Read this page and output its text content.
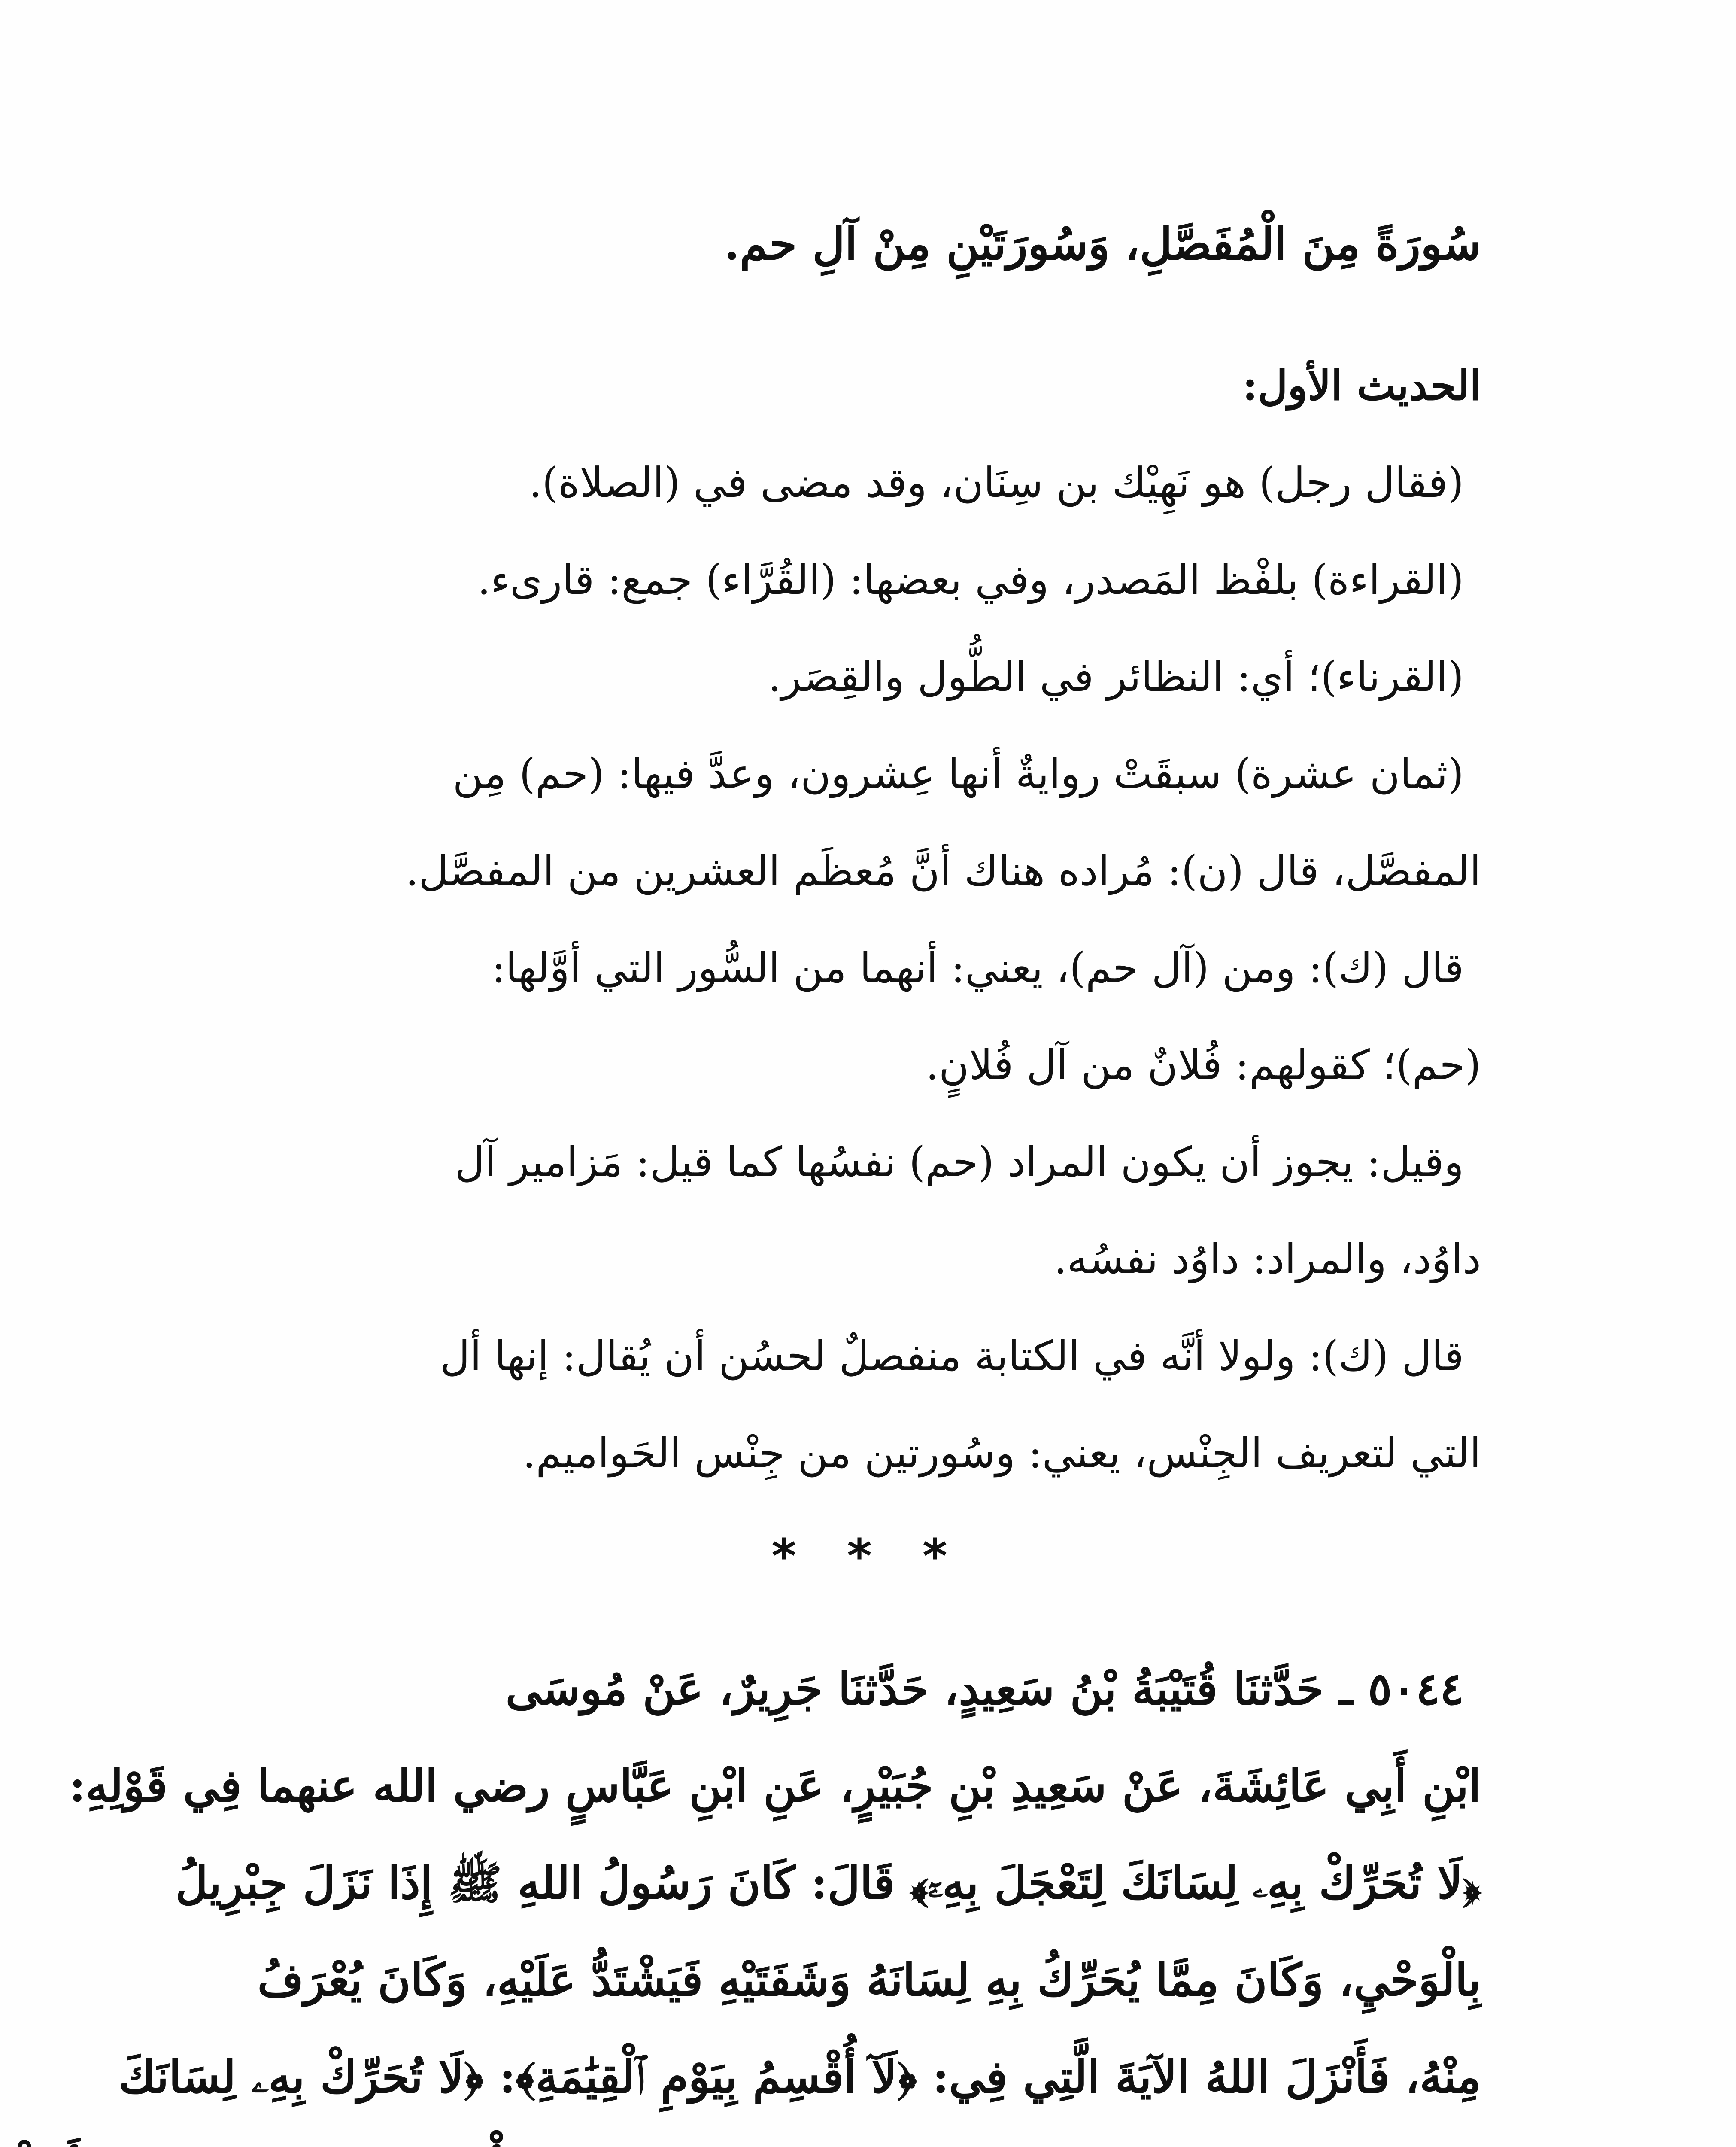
سُورَةً مِنَ الْمُفَصَّلِ، وَسُورَتَيْنِ مِنْ آلِ حم.
الحديث الأول:
(فقال رجل) هو نَهِيْك بن سِنَان، وقد مضى في (الصلاة).
(القراءة) بلفْظ المَصدر، وفي بعضها: (القُرَّاء) جمع: قارىء.
(القرناء)؛ أي: النظائر في الطُّول والقِصَر.
(ثمان عشرة) سبقَتْ روايةٌ أنها عِشرون، وعدَّ فيها: (حم) مِن
المفصَّل، قال (ن): مُراده هناك أنَّ مُعظَم العشرين من المفصَّل.
قال (ك): ومن (آل حم)، يعني: أنهما من السُّور التي أوَّلها:
(حم)؛ كقولهم: فُلانٌ من آل فُلانٍ.
وقيل: يجوز أن يكون المراد (حم) نفسُها كما قيل: مَزامير آل
داوُد، والمراد: داوُد نفسُه.
قال (ك): ولولا أنَّه في الكتابة منفصلٌ لحسُن أن يُقال: إنها أل
التي لتعريف الجِنْس، يعني: وسُورتين من جِنْس الحَواميم.
* * *
٥٠٤٤ ـ حَدَّثنَا قُتَيْبَةُ بْنُ سَعِيدٍ، حَدَّثنَا جَرِيرٌ، عَنْ مُوسَى
ابْنِ أَبِي عَائِشَةَ، عَنْ سَعِيدِ بْنِ جُبَيْرٍ، عَنِ ابْنِ عَبَّاسٍ رضي الله عنهما فِي قَوْلِهِ:
﴿لَا تُحَرِّكْ بِهِۦ لِسَانَكَ لِتَعْجَلَ بِهِۦٓ﴾ قَالَ: كَانَ رَسُولُ اللهِ ﷺ إِذَا نَزَلَ جِبْرِيلُ
بِالْوَحْيِ، وَكَانَ مِمَّا يُحَرِّكُ بِهِ لِسَانَهُ وَشَفَتَيْهِ فَيَشْتَدُّ عَلَيْهِ، وَكَانَ يُعْرَفُ
مِنْهُ، فَأَنْزَلَ اللهُ الآيَةَ الَّتِي فِي: ﴿لَآ أُقْسِمُ بِيَوْمِ ٱلْقِيَٰمَةِ﴾: ﴿لَا تُحَرِّكْ بِهِۦ لِسَانَكَ
